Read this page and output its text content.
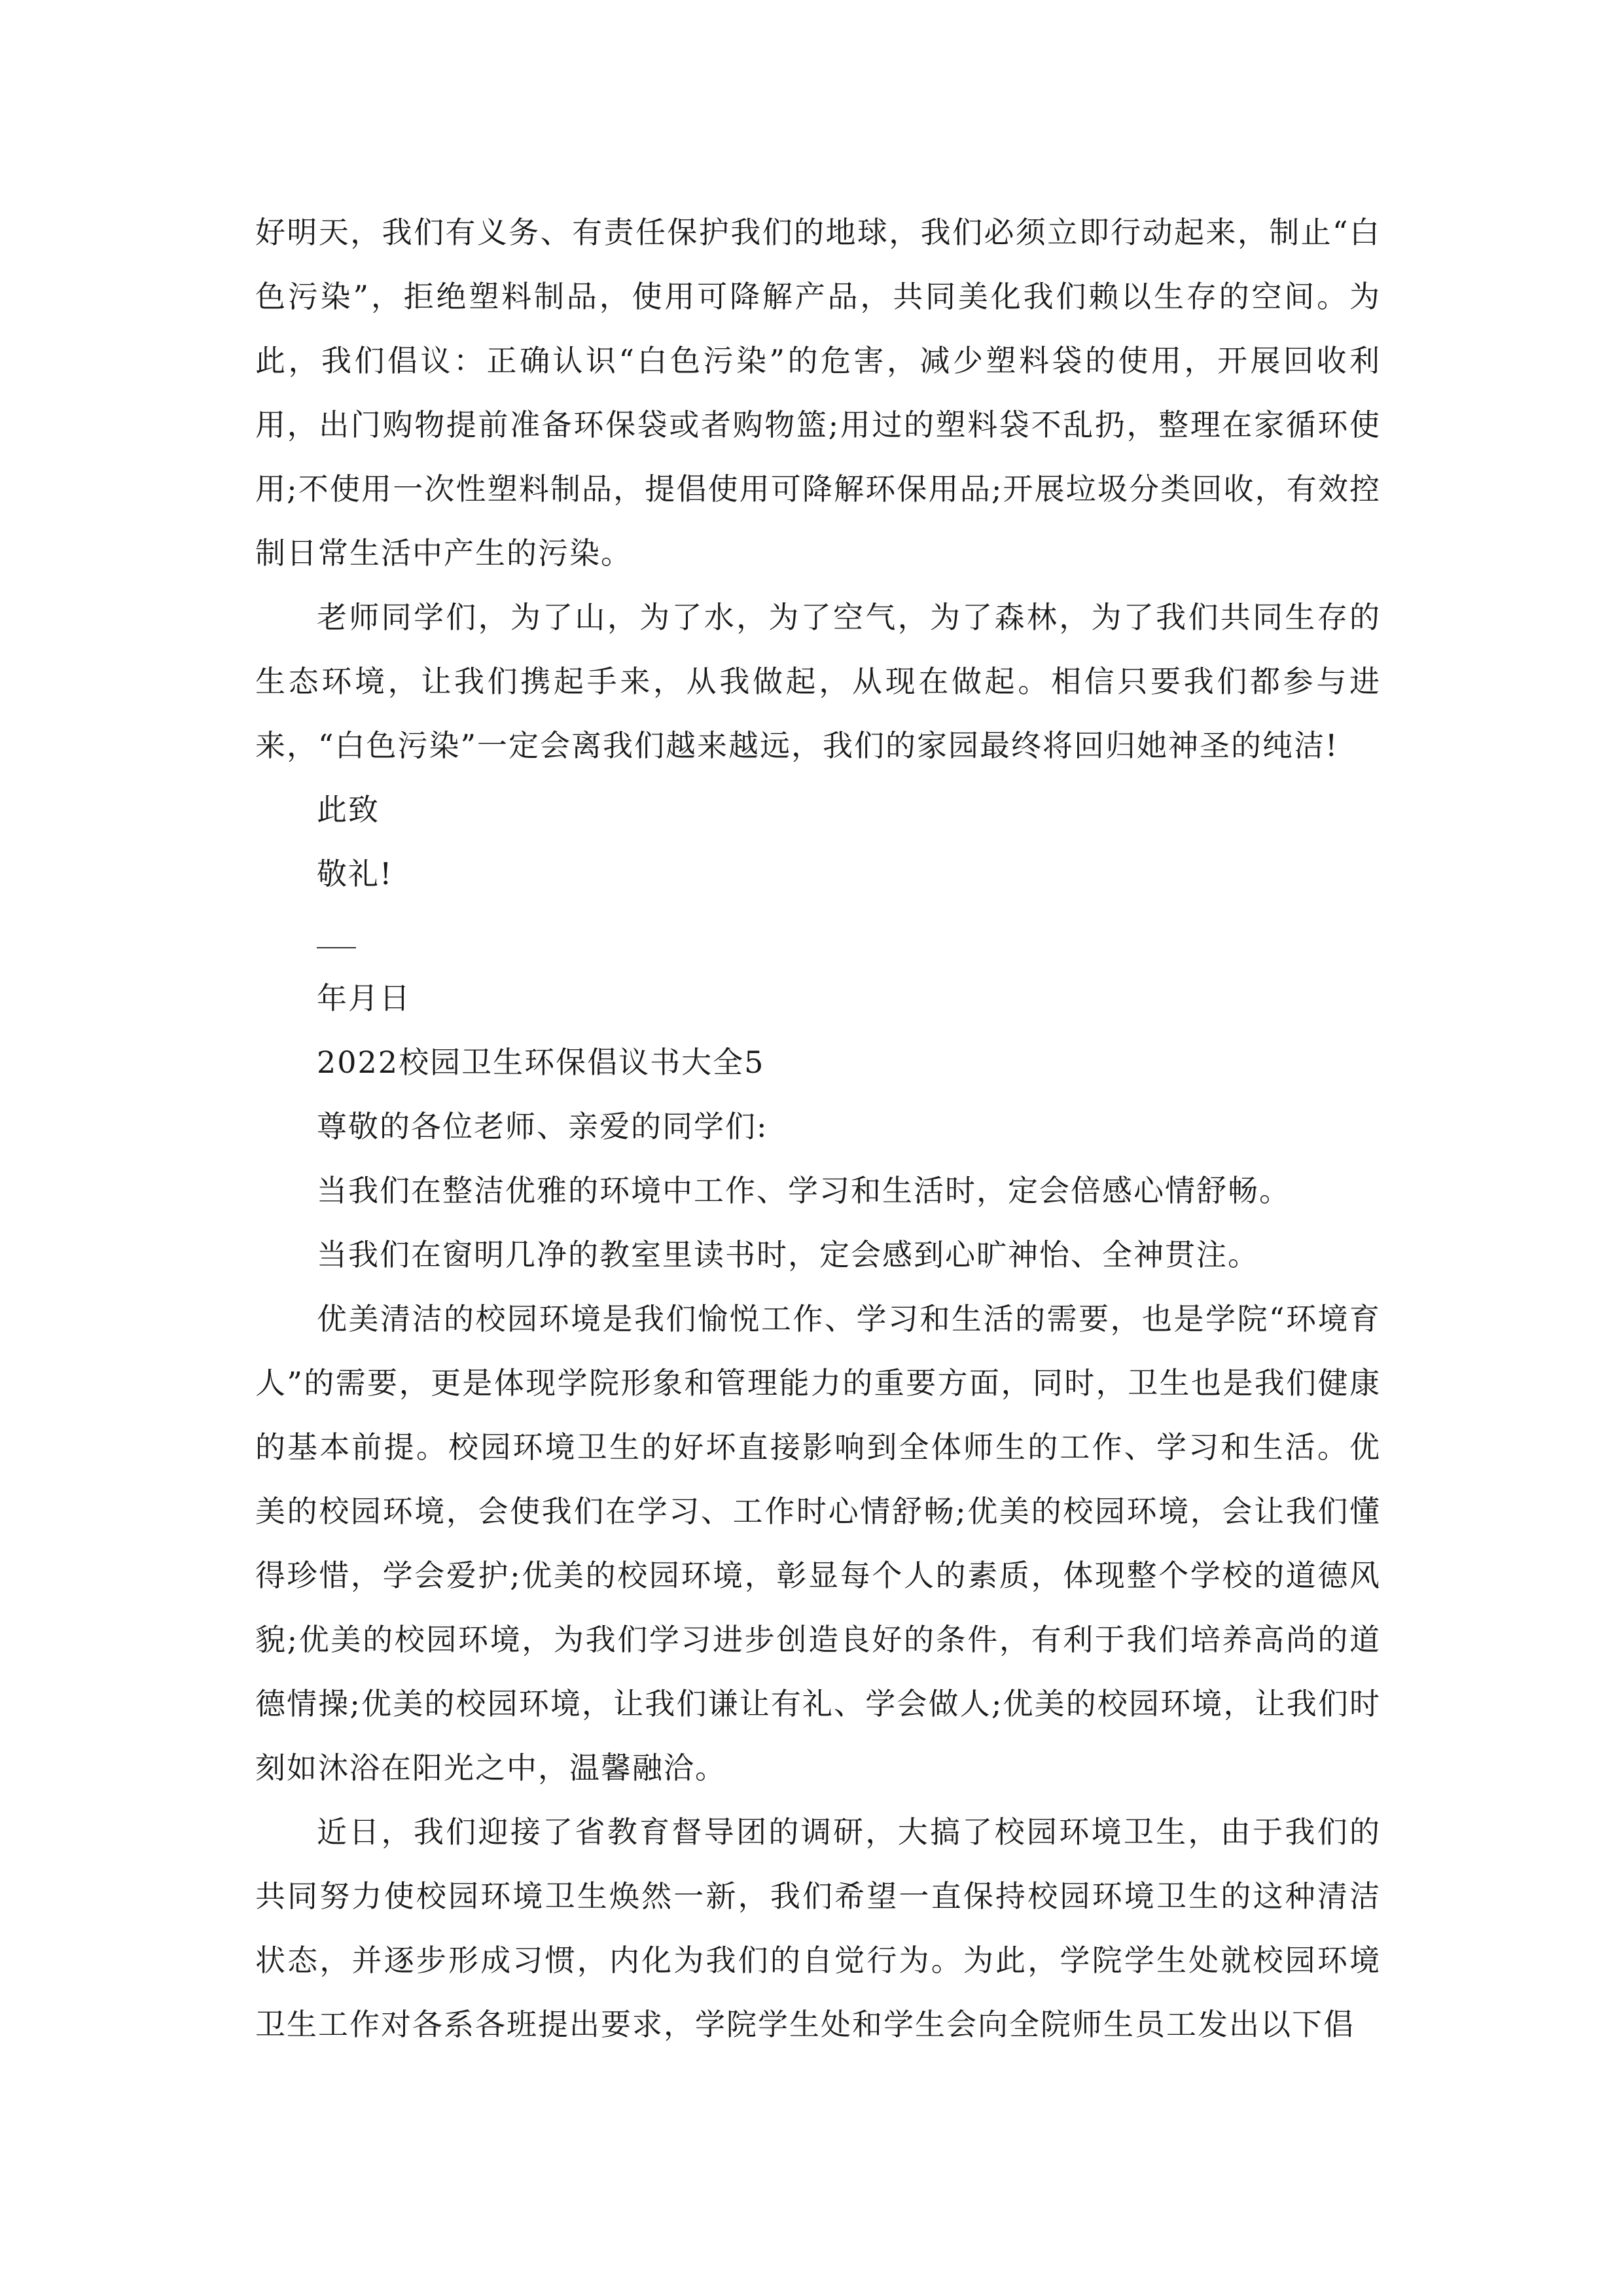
好明天，我们有义务、有责任保护我们的地球，我们必须立即行动起来，制止“白色污染”，拒绝塑料制品，使用可降解产品，共同美化我们赖以生存的空间。为此，我们倡议：正确认识“白色污染”的危害，减少塑料袋的使用，开展回收利用，出门购物提前准备环保袋或者购物篮;用过的塑料袋不乱扔，整理在家循环使用;不使用一次性塑料制品，提倡使用可降解环保用品;开展垃圾分类回收，有效控制日常生活中产生的污染。

老师同学们，为了山，为了水，为了空气，为了森林，为了我们共同生存的生态环境，让我们携起手来，从我做起，从现在做起。相信只要我们都参与进来，“白色污染”一定会离我们越来越远，我们的家园最终将回归她神圣的纯洁!

此致

敬礼!

年月日

2022校园卫生环保倡议书大全5

尊敬的各位老师、亲爱的同学们:

当我们在整洁优雅的环境中工作、学习和生活时，定会倍感心情舒畅。

当我们在窗明几净的教室里读书时，定会感到心旷神怡、全神贯注。

优美清洁的校园环境是我们愉悦工作、学习和生活的需要，也是学院“环境育人”的需要，更是体现学院形象和管理能力的重要方面，同时，卫生也是我们健康的基本前提。校园环境卫生的好坏直接影响到全体师生的工作、学习和生活。优美的校园环境，会使我们在学习、工作时心情舒畅;优美的校园环境，会让我们懂得珍惜，学会爱护;优美的校园环境，彰显每个人的素质，体现整个学校的道德风貌;优美的校园环境，为我们学习进步创造良好的条件，有利于我们培养高尚的道德情操;优美的校园环境，让我们谦让有礼、学会做人;优美的校园环境，让我们时刻如沐浴在阳光之中，温馨融洽。

近日，我们迎接了省教育督导团的调研，大搞了校园环境卫生，由于我们的共同努力使校园环境卫生焕然一新，我们希望一直保持校园环境卫生的这种清洁状态，并逐步形成习惯，内化为我们的自觉行为。为此，学院学生处就校园环境卫生工作对各系各班提出要求，学院学生处和学生会向全院师生员工发出以下倡
